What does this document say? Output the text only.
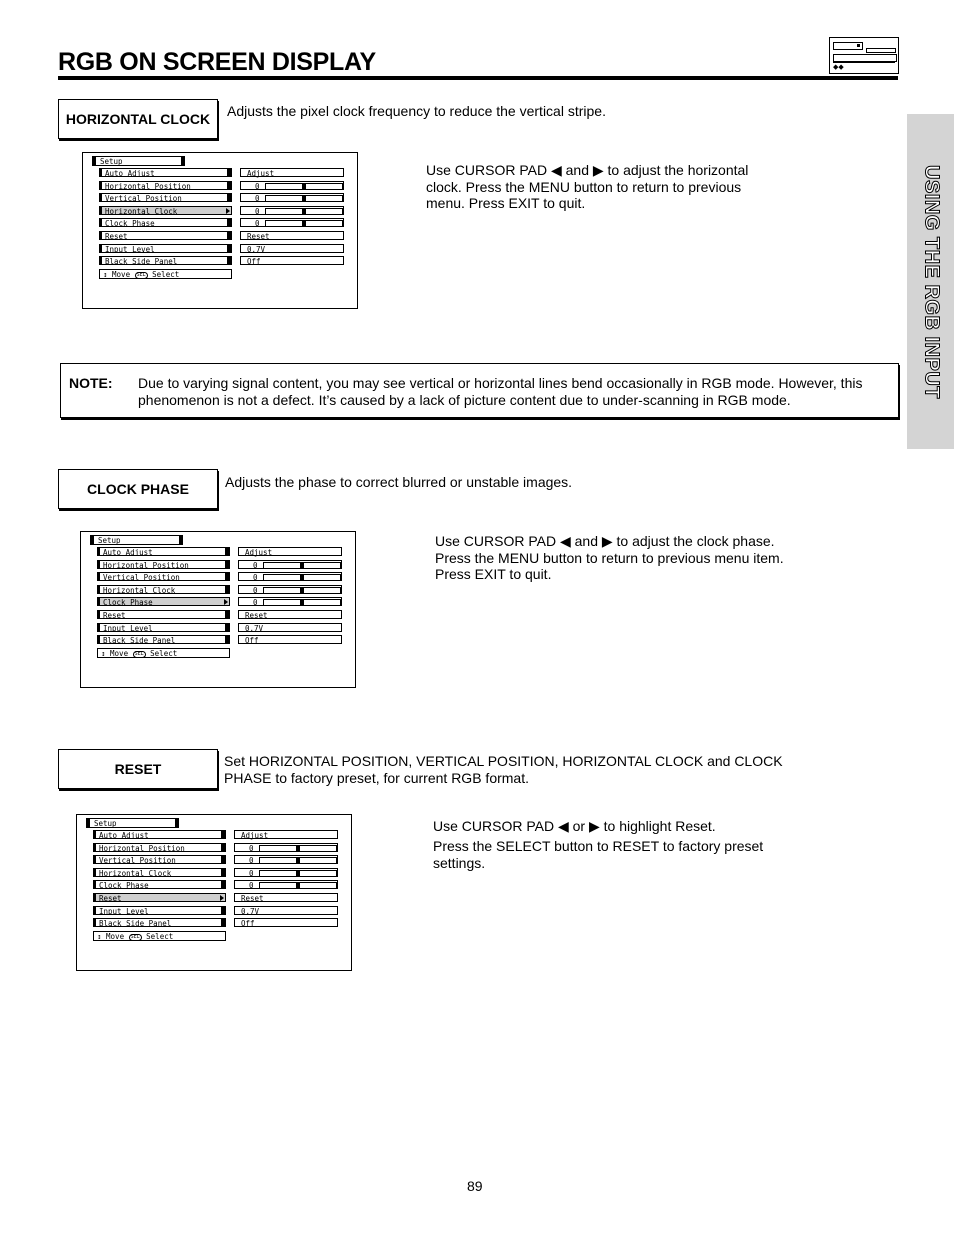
RGB ON SCREEN DISPLAY	◆◆
USING THE RGB INPUT
HORIZONTAL CLOCK	Adjusts the pixel clock frequency to reduce the vertical stripe.
Setup
Auto Adjust	Adjust
Horizontal Position	0
Vertical Position	0
Horizontal Clock	0
Clock Phase	0
Reset	Reset
Input Level	0.7V
Black Side Panel	Off
↕ Move SEL Select
Use CURSOR PAD ◀ and ▶ to adjust the horizontal
clock. Press the MENU button to return to previous
menu. Press EXIT to quit.
NOTE: Due to varying signal content, you may see vertical or horizontal lines bend occasionally in RGB mode. However, this phenomenon is not a defect. It’s caused by a lack of picture content due to under-scanning in RGB mode.
CLOCK PHASE	Adjusts the phase to correct blurred or unstable images.
Setup
Auto Adjust	Adjust
Horizontal Position	0
Vertical Position	0
Horizontal Clock	0
Clock Phase	0
Reset	Reset
Input Level	0.7V
Black Side Panel	Off
↕ Move SEL Select
Use CURSOR PAD ◀ and ▶ to adjust the clock phase.
Press the MENU button to return to previous menu item.
Press EXIT to quit.
RESET	Set HORIZONTAL POSITION, VERTICAL POSITION, HORIZONTAL CLOCK and CLOCK
PHASE to factory preset, for current RGB format.
Setup
Auto Adjust	Adjust
Horizontal Position	0
Vertical Position	0
Horizontal Clock	0
Clock Phase	0
Reset	Reset
Input Level	0.7V
Black Side Panel	Off
↕ Move SEL Select
Use CURSOR PAD ◀ or ▶ to highlight Reset.
Press the SELECT button to RESET to factory preset
settings.
89
